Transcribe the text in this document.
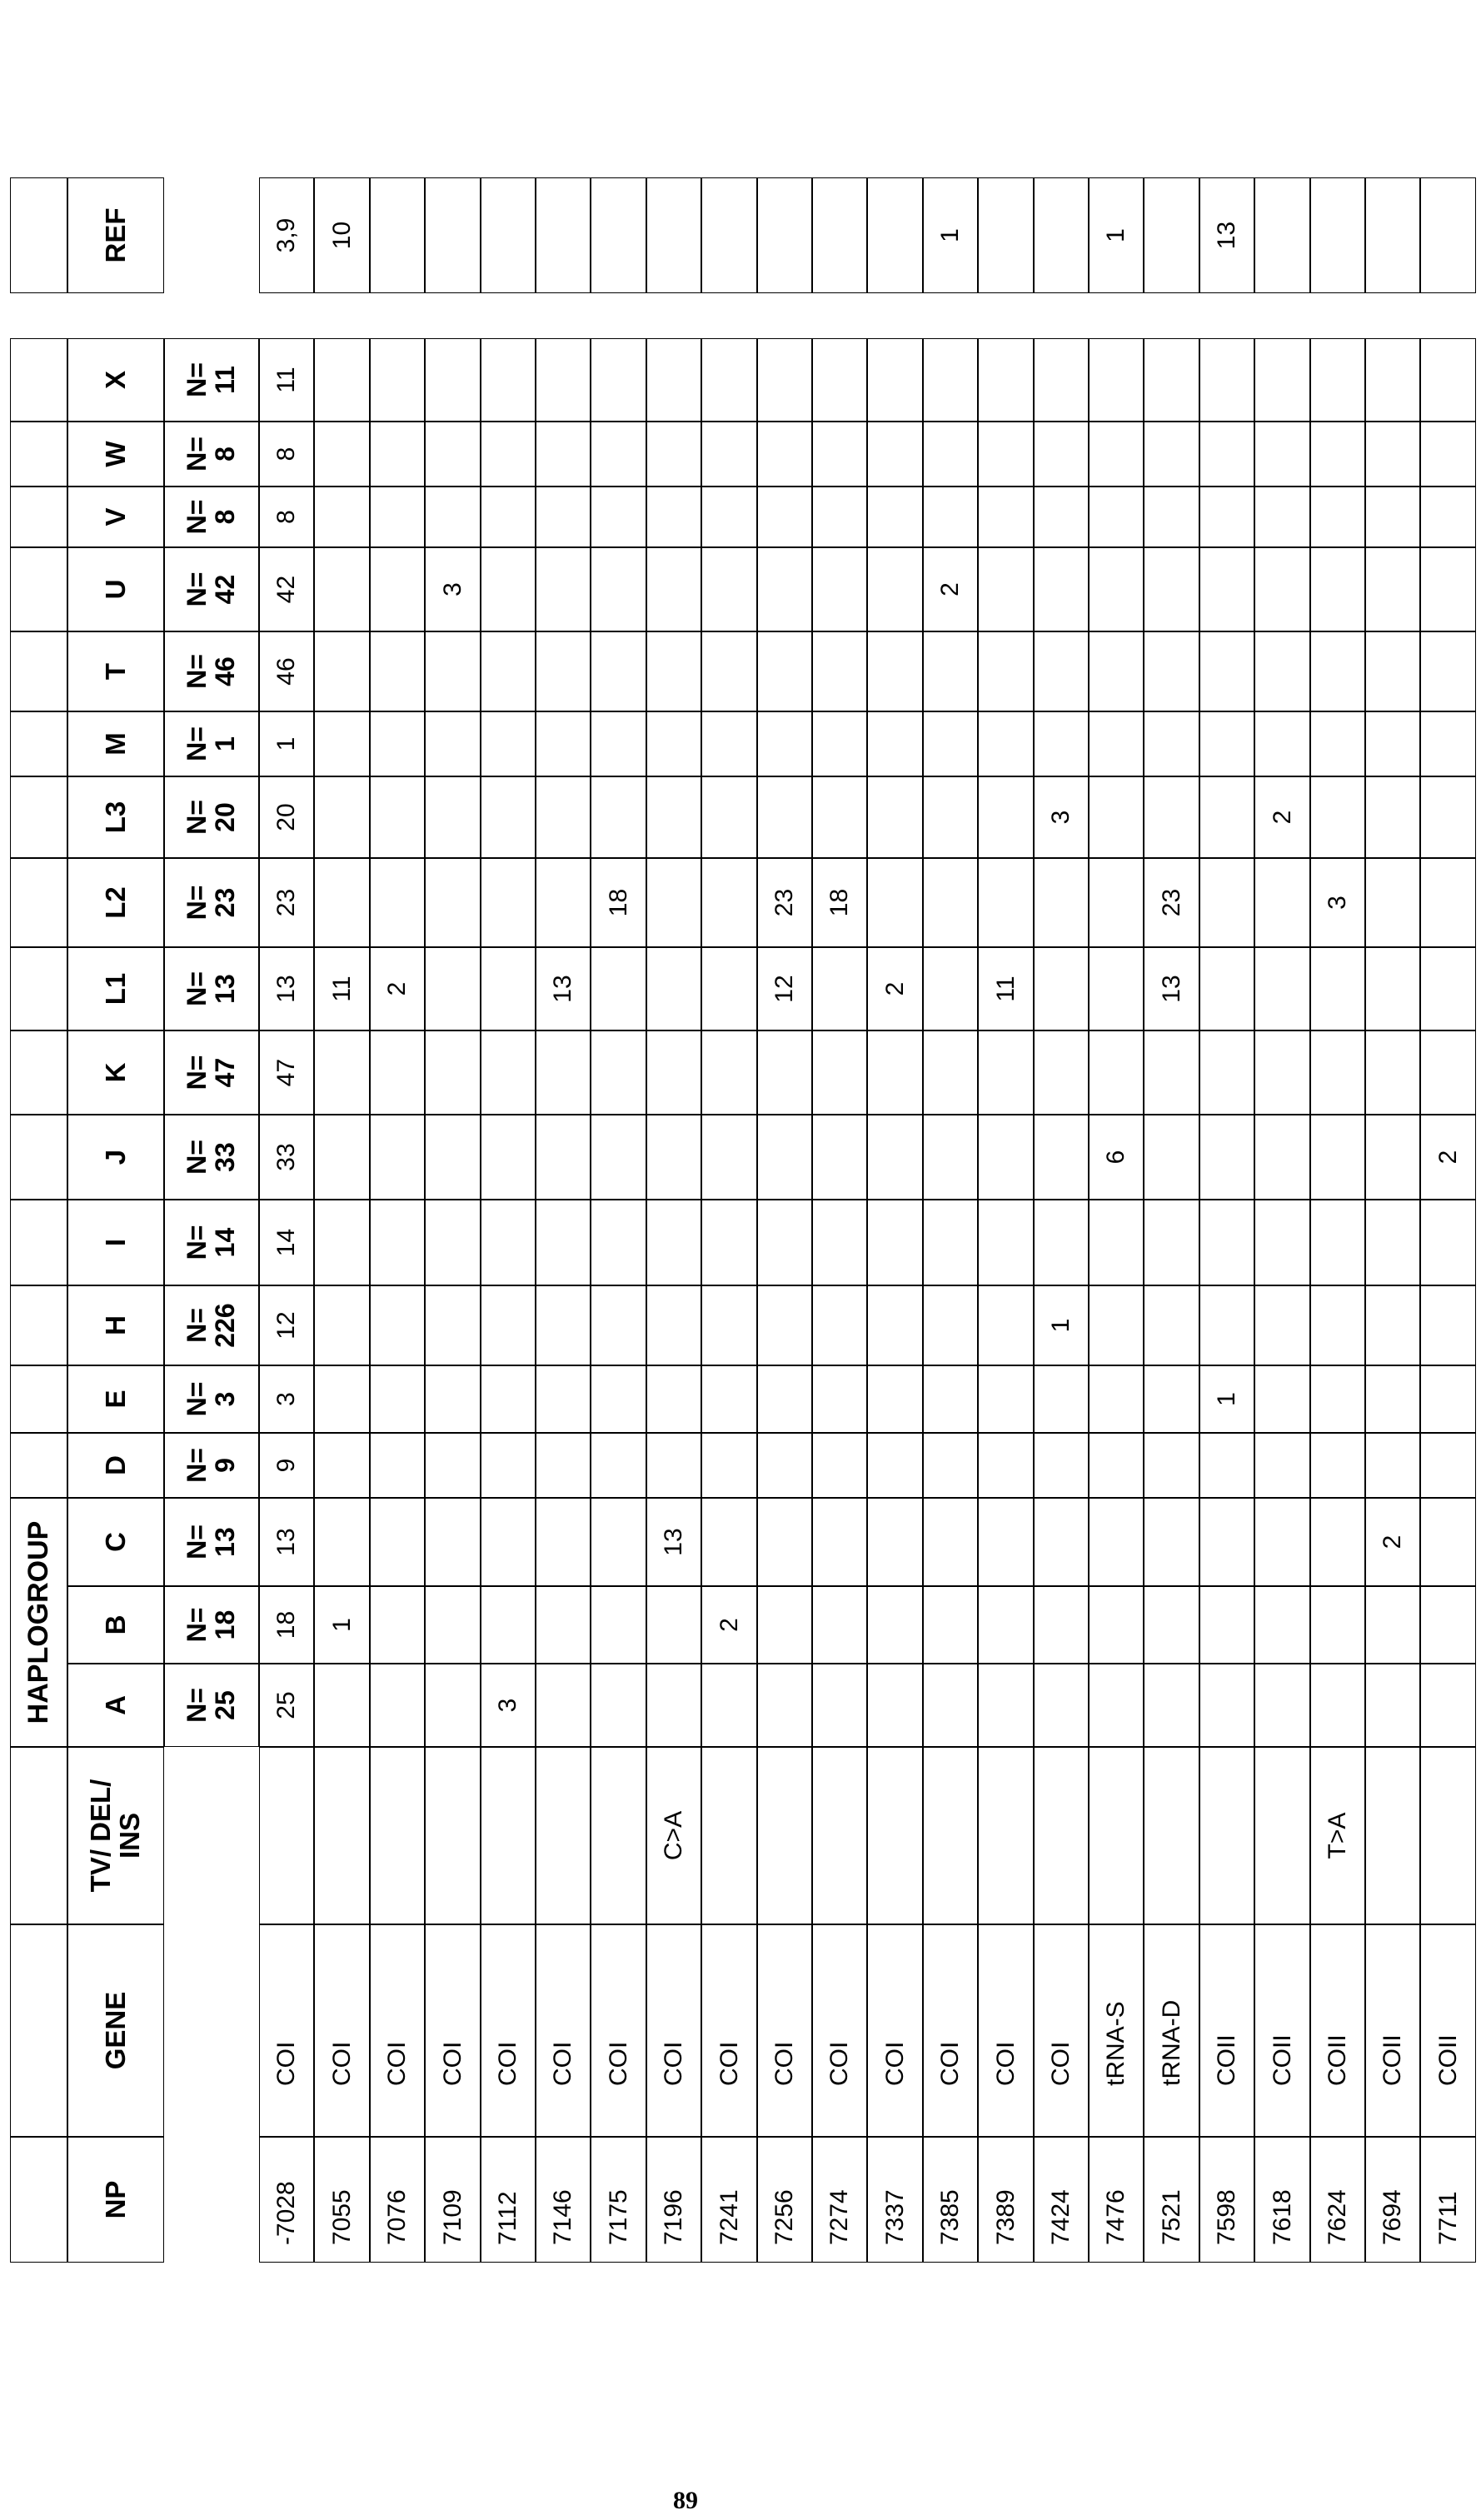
NP
GENE
TV/ DEL/
INS
A	N=
25
B	N=
18
C	N=
13
D	N=
9
E	N=
3
H	N=
226
I	N=
14
J	N=
33
K	N=
47
L1	N=
13
L2	N=
23
L3	N=
20
M	N=
1
T	N=
46
U	N=
42
V	N=
8
W	N=
8
X	N=
11
HAPLOGROUP
REF
-7028
COI
25
18
13
9
3
12
14
33
47
13
23
20
1
46
42
8
8
11
3,9
7055
COI
1
11
10
7076
COI
2
7109
COI
3
7112
COI
3
7146
COI
13
7175
COI
18
7196
COI
C>A
13
7241
COI
2
7256
COI
12
23
7274
COI
18
7337
COI
2
7385
COI
2
1
7389
COI
11
7424
COI
1
3
7476
tRNA-S
6
1
7521
tRNA-D
13
23
7598
COII
1
13
7618
COII
2
7624
COII
T>A
3
7694
COII
2
7711
COII
2
89
